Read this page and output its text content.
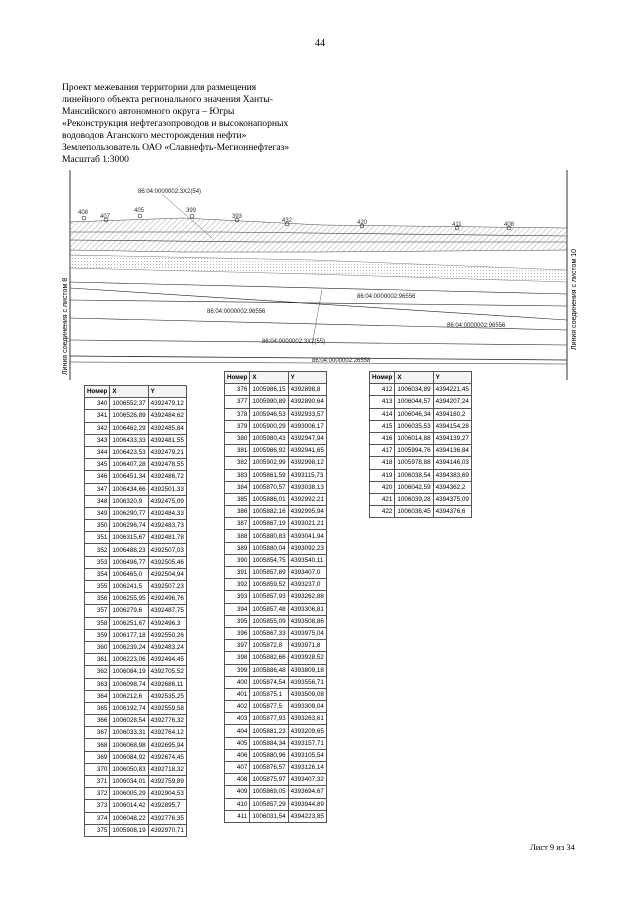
44
Проект межевания территории для размещения
линейного объекта регионального значения Ханты-
Мансийского автономного округа – Югры
«Реконструкция нефтегазопроводов и высоконапорных
водоводов Аганского месторождения нефти»
Землепользователь ОАО «Славнефть-Мегионнефтегаз»
Масштаб 1:3000
408
407
405	399
393
432	420	411	408
86:04:0000002:3X2(54)
86:04:0000002:96556
86:04:0000002:96556
86:04:0000002:96556
86:04:0000002:3X2(55)
86:04:0000002:26558
Линия соединения с листом 8	Линия соединения с листом 10
Номер	X	Y
340	1006552,37	4392479,12
341	1006526,89	4392484,62
342	1006462,29	4392485,84
343	1006433,33	4392481,55
344	1006423,53	4392479,21
345	1006407,28	4392478,55
346	1006451,34	4392486,72
347	1006434,66	4392501,33
348	1006320,9	4392475,09
349	1006290,77	4392484,33
350	1006296,74	4392483,73
351	1006315,67	4392481,78
352	1006488,23	4392507,03
353	1006496,77	4392505,46
354	1006465,0	4392504,94
355	1006241,5	4392507,23
356	1006255,95	4392496,76
357	1006279,6	4392487,75
358	1006251,67	4392496,3
359	1006177,18	4392550,26
360	1006239,24	4392483,24
361	1006223,06	4392494,45
362	1006084,19	4392705,52
363	1006098,74	4392686,11
364	1006212,6	4392535,25
365	1006192,74	4392559,58
366	1006028,54	4392776,32
367	1006033,31	4392764,12
368	1006068,98	4392695,94
369	1006084,92	4392674,45
370	1006050,83	4392718,32
371	1006034,01	4392759,89
372	1006005,29	4392904,53
373	1006014,42	4392895,7
374	1006048,22	4392776,35
375	1005908,19	4392970,71
Номер	X	Y
376	1005986,15	4392898,8
377	1005990,89	4392890,64
378	1005946,53	4392933,57
379	1005900,29	4393006,17
380	1005980,43	4392947,94
381	1005986,92	4392941,65
382	1005902,99	4392998,12
383	1005861,59	4393115,73
384	1005870,57	4393038,13
385	1005886,01	4392992,21
386	1005882,16	4392995,94
387	1005867,19	4393021,21
388	1005880,83	4393041,94
389	1005880,04	4393092,23
390	1005854,75	4393540,11
391	1005857,89	4393407,0
392	1005859,52	4393237,0
393	1005857,93	4393262,88
394	1005857,48	4393306,81
395	1005855,09	4393508,86
396	1005867,33	4393975,04
397	1005872,8	4393971,8
398	1005882,66	4393928,52
399	1005886,48	4393809,18
400	1005874,54	4393556,71
401	1005875,1	4393509,08
402	1005877,5	4393309,04
403	1005877,93	4393263,61
404	1005881,23	4393209,65
405	1005884,34	4393157,71
406	1005880,96	4393105,54
407	1005876,57	4393126,14
408	1005875,97	4393407,32
409	1005869,05	4393694,67
410	1005857,29	4393944,89
411	1006031,54	4394223,85
Номер	X	Y
412	1006034,89	4394221,45
413	1006044,57	4394207,24
414	1006046,34	4394180,2
415	1006035,53	4394154,28
416	1006014,88	4394139,27
417	1005994,76	4394136,84
418	1005978,88	4394146,03
419	1006038,54	4394383,69
420	1006042,59	4394362,2
421	1006039,28	4394375,09
422	1006036,45	4394376,6
Лист 9 из 34
